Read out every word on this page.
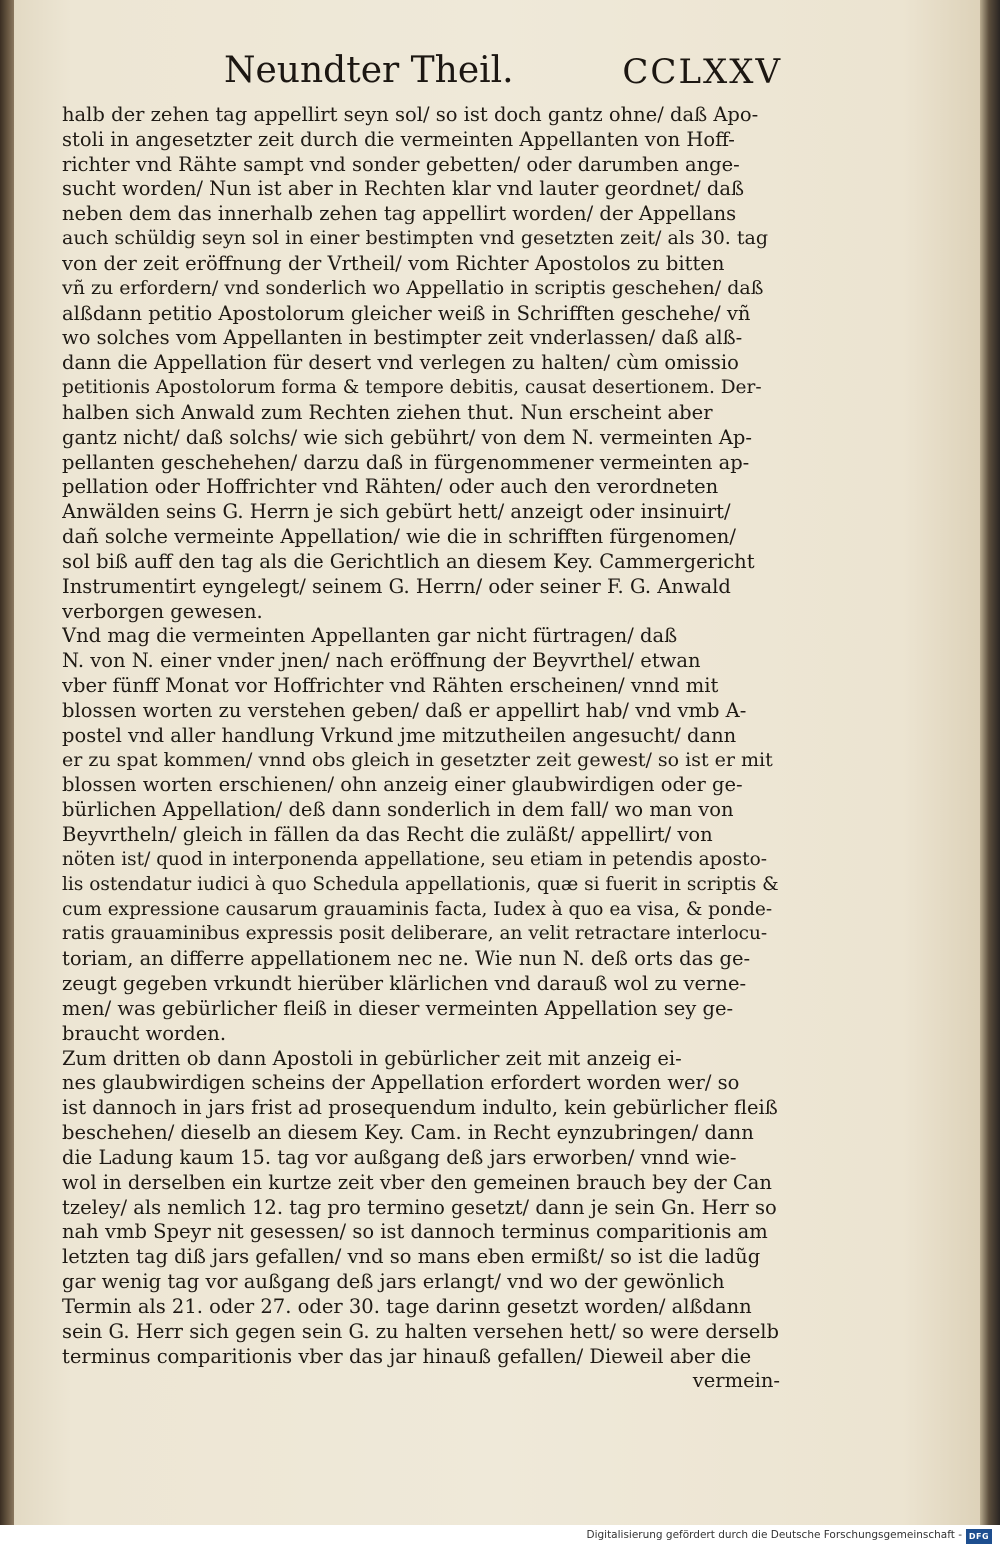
Neundter Theil.	CCLXXV
halb der zehen tag appellirt seyn sol/ so ist doch gantz ohne/ daß Apo-
stoli in angesetzter zeit durch die vermeinten Appellanten von Hoff-
richter vnd Rähte sampt vnd sonder gebetten/ oder darumben ange-
sucht worden/ Nun ist aber in Rechten klar vnd lauter geordnet/ daß
neben dem das innerhalb zehen tag appellirt worden/ der Appellans
auch schüldig seyn sol in einer bestimpten vnd gesetzten zeit/ als 30. tag
von der zeit eröffnung der Vrtheil/ vom Richter Apostolos zu bitten
vñ zu erfordern/ vnd sonderlich wo Appellatio in scriptis geschehen/ daß
alßdann petitio Apostolorum gleicher weiß in Schrifften geschehe/ vñ
wo solches vom Appellanten in bestimpter zeit vnderlassen/ daß alß-
dann die Appellation für desert vnd verlegen zu halten/ cùm omissio
petitionis Apostolorum forma & tempore debitis, causat desertionem. Der-
halben sich Anwald zum Rechten ziehen thut. Nun erscheint aber
gantz nicht/ daß solchs/ wie sich gebührt/ von dem N. vermeinten Ap-
pellanten geschehehen/ darzu daß in fürgenommener vermeinten ap-
pellation oder Hoffrichter vnd Rähten/ oder auch den verordneten
Anwälden seins G. Herrn je sich gebürt hett/ anzeigt oder insinuirt/
dañ solche vermeinte Appellation/ wie die in schrifften fürgenomen/
sol biß auff den tag als die Gerichtlich an diesem Key. Cammergericht
Instrumentirt eyngelegt/ seinem G. Herrn/ oder seiner F. G. Anwald
verborgen gewesen.
Vnd mag die vermeinten Appellanten gar nicht fürtragen/ daß
N. von N. einer vnder jnen/ nach eröffnung der Beyvrthel/ etwan
vber fünff Monat vor Hoffrichter vnd Rähten erscheinen/ vnnd mit
blossen worten zu verstehen geben/ daß er appellirt hab/ vnd vmb A-
postel vnd aller handlung Vrkund jme mitzutheilen angesucht/ dann
er zu spat kommen/ vnnd obs gleich in gesetzter zeit gewest/ so ist er mit
blossen worten erschienen/ ohn anzeig einer glaubwirdigen oder ge-
bürlichen Appellation/ deß dann sonderlich in dem fall/ wo man von
Beyvrtheln/ gleich in fällen da das Recht die zuläßt/ appellirt/ von
nöten ist/ quod in interponenda appellatione, seu etiam in petendis aposto-
lis ostendatur iudici à quo Schedula appellationis, quæ si fuerit in scriptis &
cum expressione causarum grauaminis facta, Iudex à quo ea visa, & ponde-
ratis grauaminibus expressis posit deliberare, an velit retractare interlocu-
toriam, an differre appellationem nec ne. Wie nun N. deß orts das ge-
zeugt gegeben vrkundt hierüber klärlichen vnd darauß wol zu verne-
men/ was gebürlicher fleiß in dieser vermeinten Appellation sey ge-
braucht worden.
Zum dritten ob dann Apostoli in gebürlicher zeit mit anzeig ei-
nes glaubwirdigen scheins der Appellation erfordert worden wer/ so
ist dannoch in jars frist ad prosequendum indulto, kein gebürlicher fleiß
beschehen/ dieselb an diesem Key. Cam. in Recht eynzubringen/ dann
die Ladung kaum 15. tag vor außgang deß jars erworben/ vnnd wie-
wol in derselben ein kurtze zeit vber den gemeinen brauch bey der Can
tzeley/ als nemlich 12. tag pro termino gesetzt/ dann je sein Gn. Herr so
nah vmb Speyr nit gesessen/ so ist dannoch terminus comparitionis am
letzten tag diß jars gefallen/ vnd so mans eben ermißt/ so ist die ladũg
gar wenig tag vor außgang deß jars erlangt/ vnd wo der gewönlich
Termin als 21. oder 27. oder 30. tage darinn gesetzt worden/ alßdann
sein G. Herr sich gegen sein G. zu halten versehen hett/ so were derselb
terminus comparitionis vber das jar hinauß gefallen/ Dieweil aber die
vermein-
Digitalisierung gefördert durch die Deutsche Forschungsgemeinschaft - DFG
